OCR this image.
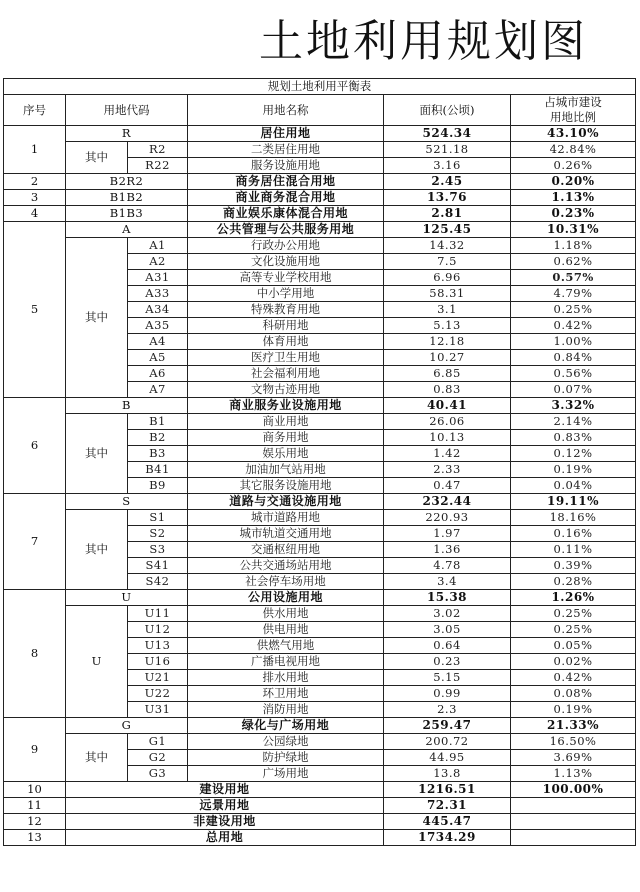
土地利用规划图
规划土地利用平衡表					
序号	用地代码		用地名称	面积(公顷)	占城市建设
用地比例
1	R		居住用地	524.34	43.10%
	其中	R2	二类居住用地	521.18	42.84%
		R22	服务设施用地	3.16	0.26%
2	B2R2		商务居住混合用地	2.45	0.20%
3	B1B2		商业商务混合用地	13.76	1.13%
4	B1B3		商业娱乐康体混合用地	2.81	0.23%
5	A		公共管理与公共服务用地	125.45	10.31%
	其中	A1	行政办公用地	14.32	1.18%
		A2	文化设施用地	7.5	0.62%
		A31	高等专业学校用地	6.96	0.57%
		A33	中小学用地	58.31	4.79%
		A34	特殊教育用地	3.1	0.25%
		A35	科研用地	5.13	0.42%
		A4	体育用地	12.18	1.00%
		A5	医疗卫生用地	10.27	0.84%
		A6	社会福利用地	6.85	0.56%
		A7	文物古迹用地	0.83	0.07%
6	B		商业服务业设施用地	40.41	3.32%
	其中	B1	商业用地	26.06	2.14%
		B2	商务用地	10.13	0.83%
		B3	娱乐用地	1.42	0.12%
		B41	加油加气站用地	2.33	0.19%
		B9	其它服务设施用地	0.47	0.04%
7	S		道路与交通设施用地	232.44	19.11%
	其中	S1	城市道路用地	220.93	18.16%
		S2	城市轨道交通用地	1.97	0.16%
		S3	交通枢纽用地	1.36	0.11%
		S41	公共交通场站用地	4.78	0.39%
		S42	社会停车场用地	3.4	0.28%
8	U		公用设施用地	15.38	1.26%
	U	U11	供水用地	3.02	0.25%
		U12	供电用地	3.05	0.25%
		U13	供燃气用地	0.64	0.05%
		U16	广播电视用地	0.23	0.02%
		U21	排水用地	5.15	0.42%
		U22	环卫用地	0.99	0.08%
		U31	消防用地	2.3	0.19%
9	G		绿化与广场用地	259.47	21.33%
	其中	G1	公园绿地	200.72	16.50%
		G2	防护绿地	44.95	3.69%
		G3	广场用地	13.8	1.13%
10	建设用地			1216.51	100.00%
11	远景用地			72.31	
12	非建设用地			445.47	
13	总用地			1734.29	
